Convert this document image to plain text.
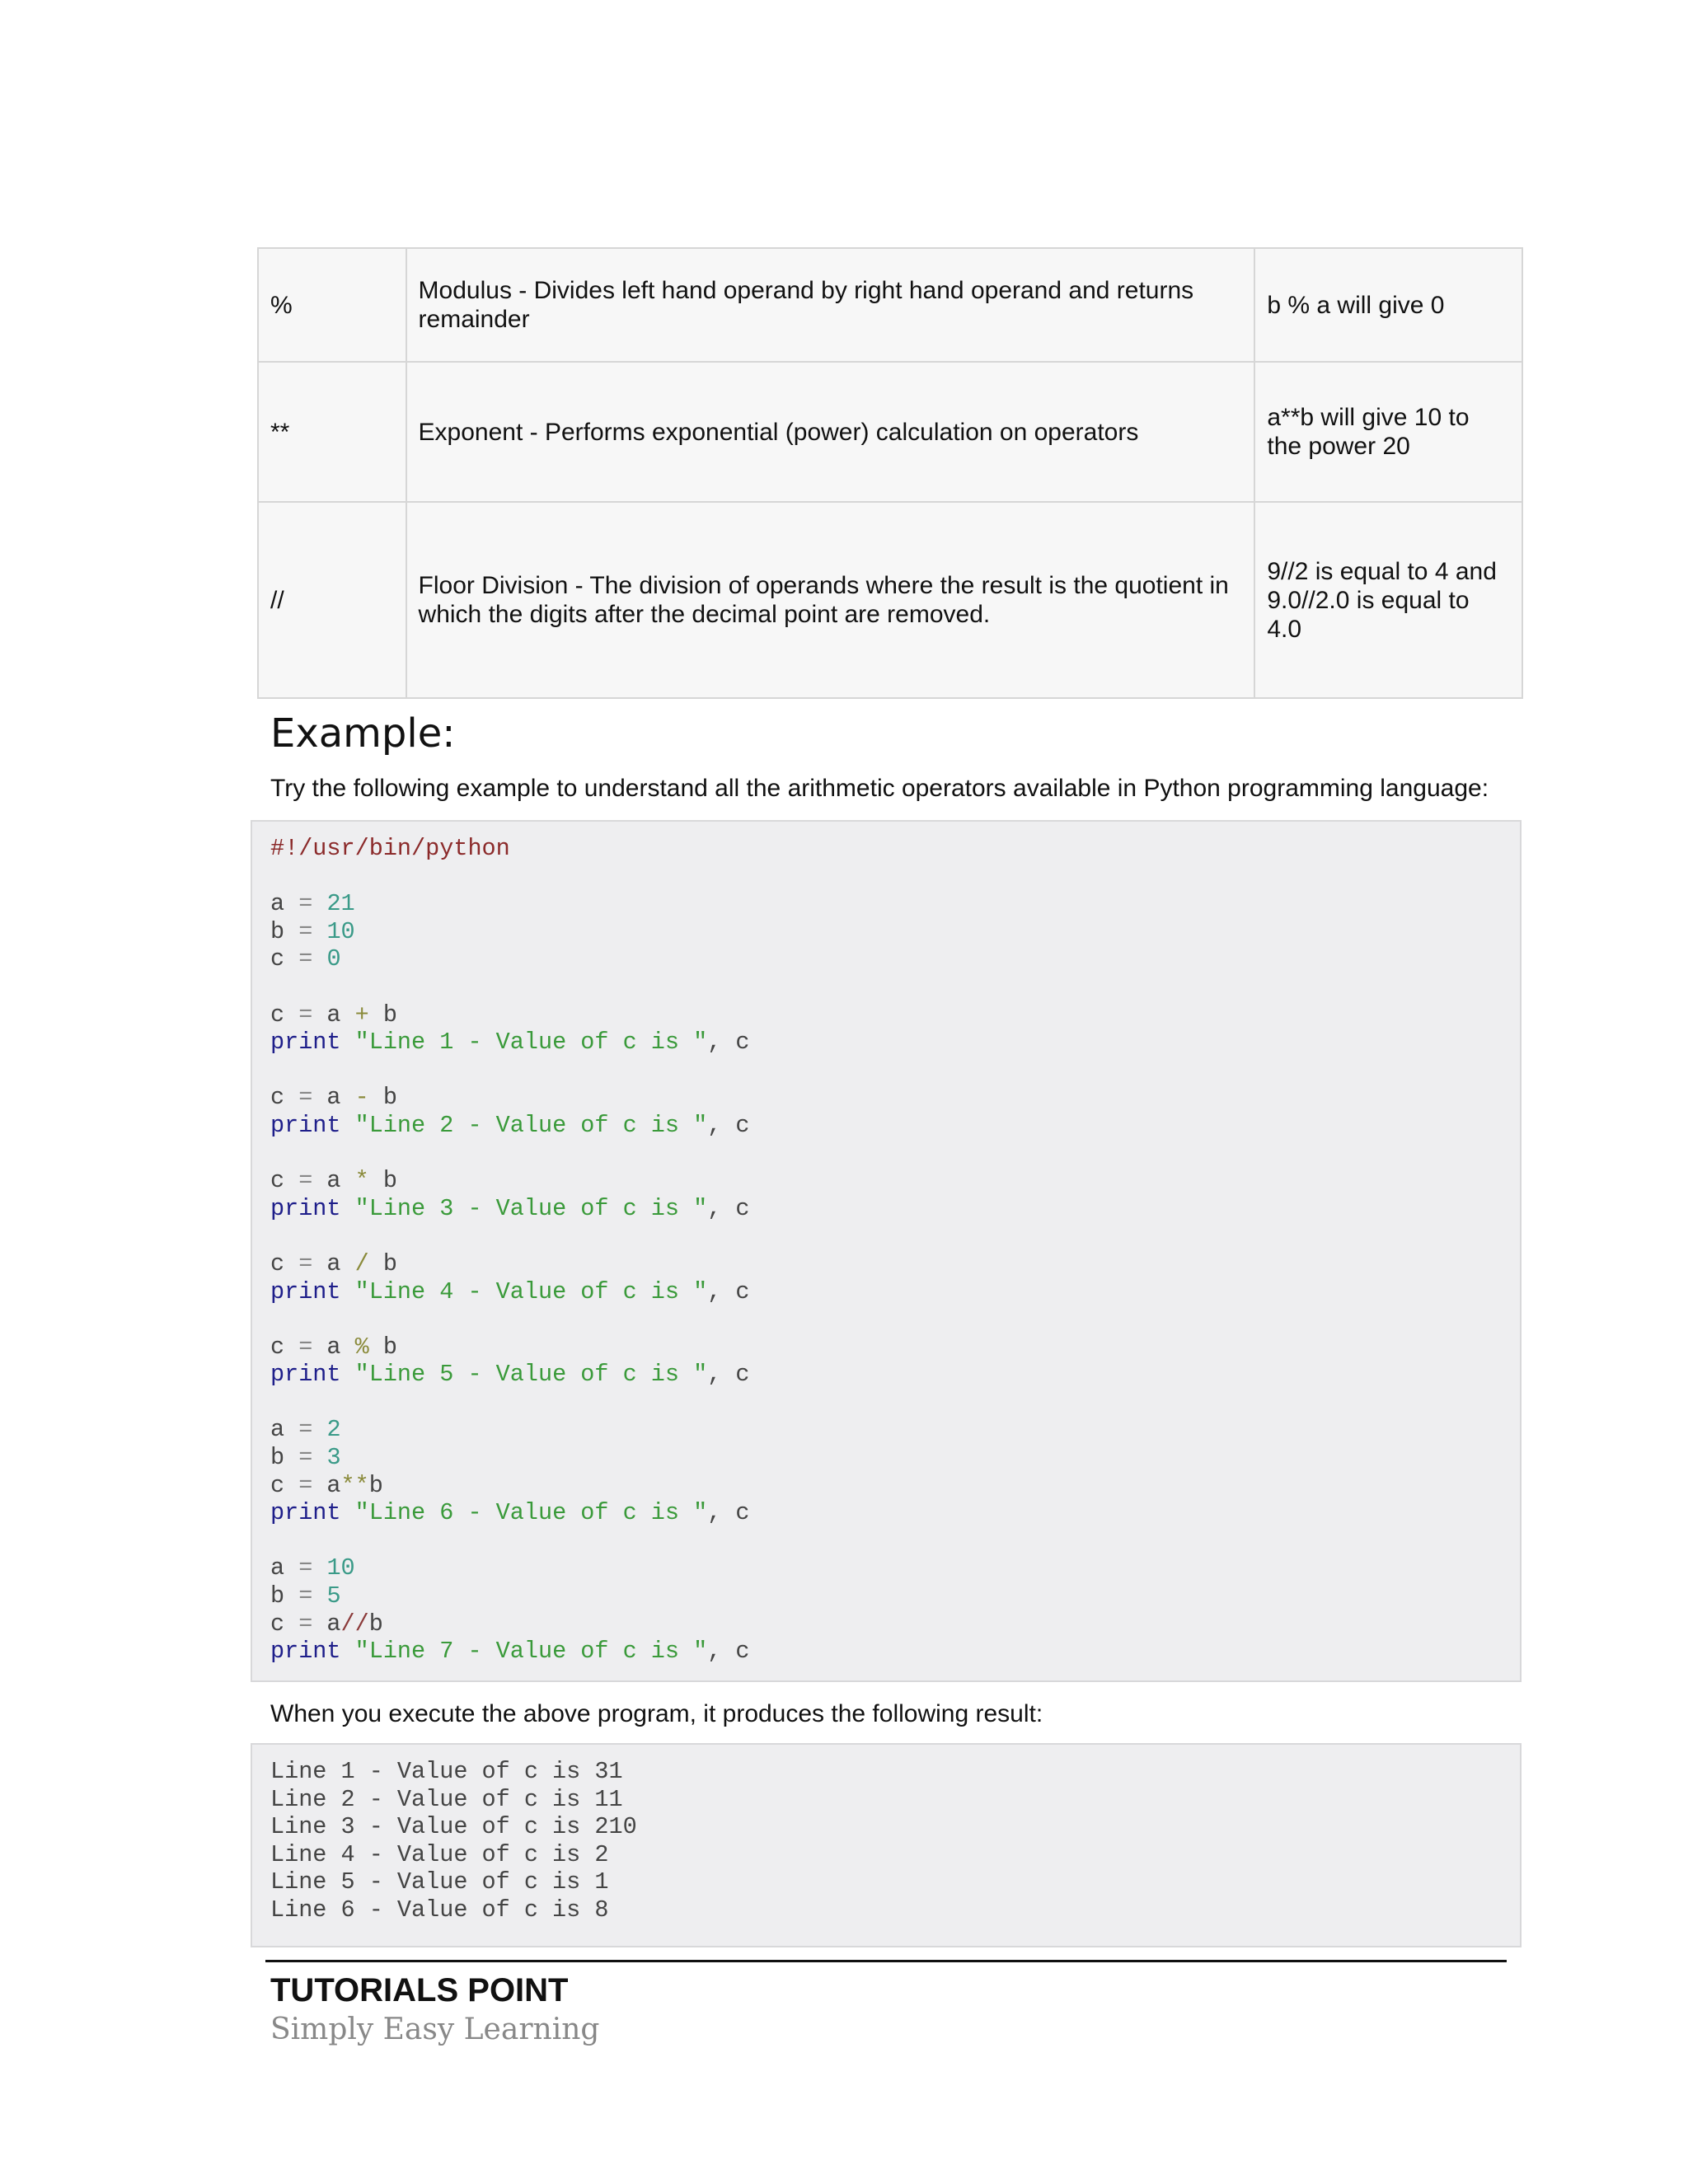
%	Modulus - Divides left hand operand by right hand operand and returns remainder	b % a will give 0
**	Exponent - Performs exponential (power) calculation on operators	a**b will give 10 to the power 20
//	Floor Division - The division of operands where the result is the quotient in which the digits after the decimal point are removed.	9//2 is equal to 4 and 9.0//2.0 is equal to 4.0
Example:
Try the following example to understand all the arithmetic operators available in Python programming language:
#!/usr/bin/python
a = 21
b = 10
c = 0
c = a + b
print "Line 1 - Value of c is ", c
c = a - b
print "Line 2 - Value of c is ", c
c = a * b
print "Line 3 - Value of c is ", c
c = a / b
print "Line 4 - Value of c is ", c
c = a % b
print "Line 5 - Value of c is ", c
a = 2
b = 3
c = a**b
print "Line 6 - Value of c is ", c
a = 10
b = 5
c = a//b
print "Line 7 - Value of c is ", c
When you execute the above program, it produces the following result:
Line 1 - Value of c is 31
Line 2 - Value of c is 11
Line 3 - Value of c is 210
Line 4 - Value of c is 2
Line 5 - Value of c is 1
Line 6 - Value of c is 8
TUTORIALS POINT
Simply Easy Learning
